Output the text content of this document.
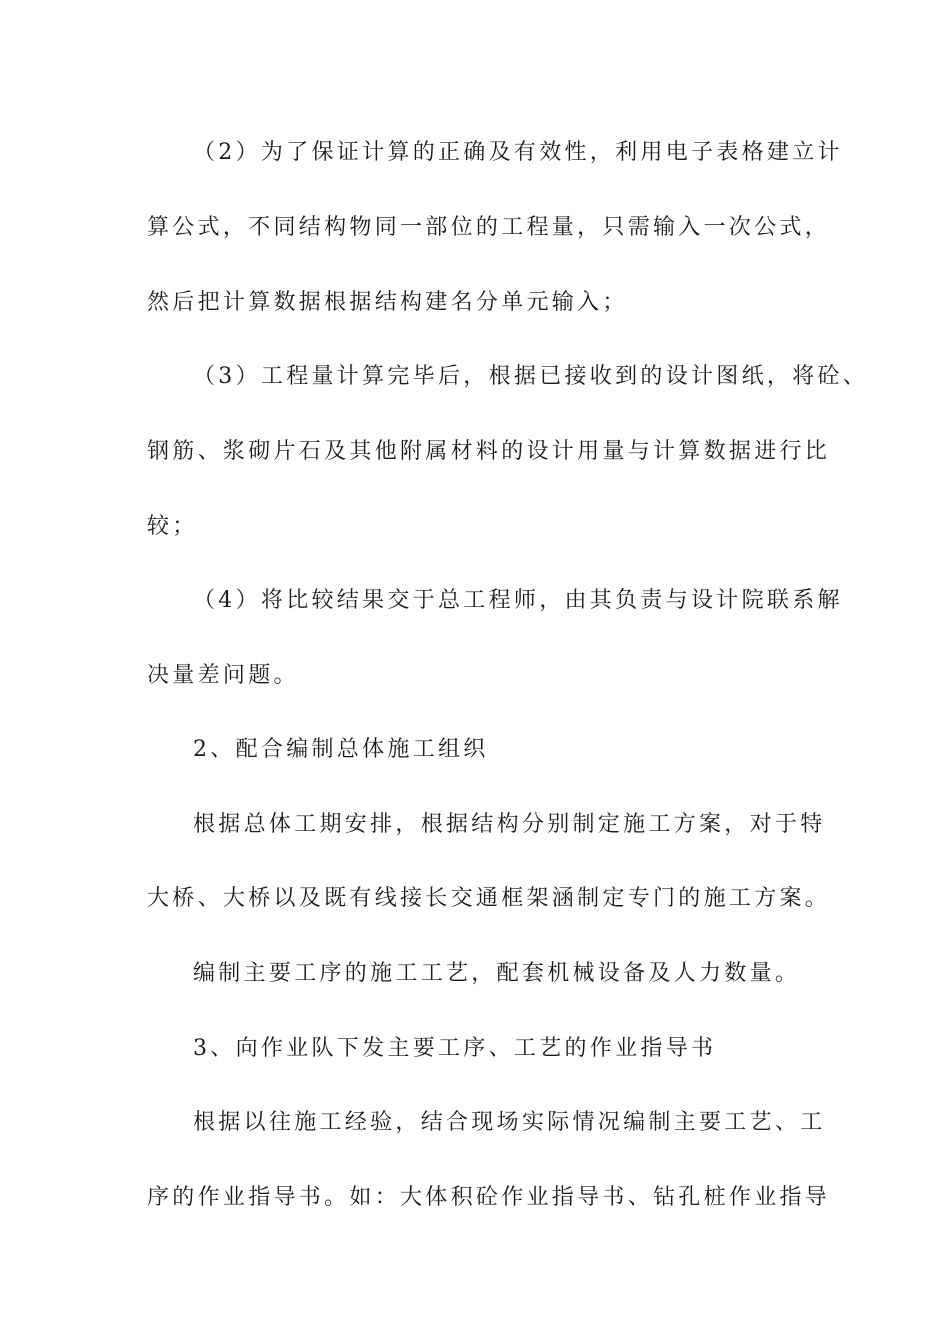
（2）为了保证计算的正确及有效性，利用电子表格建立计
算公式，不同结构物同一部位的工程量，只需输入一次公式，
然后把计算数据根据结构建名分单元输入；
（3）工程量计算完毕后，根据已接收到的设计图纸，将砼、
钢筋、浆砌片石及其他附属材料的设计用量与计算数据进行比
较；
（4）将比较结果交于总工程师，由其负责与设计院联系解
决量差问题。
2、配合编制总体施工组织
根据总体工期安排，根据结构分别制定施工方案，对于特
大桥、大桥以及既有线接长交通框架涵制定专门的施工方案。
编制主要工序的施工工艺，配套机械设备及人力数量。
3、向作业队下发主要工序、工艺的作业指导书
根据以往施工经验，结合现场实际情况编制主要工艺、工
序的作业指导书。如：大体积砼作业指导书、钻孔桩作业指导
